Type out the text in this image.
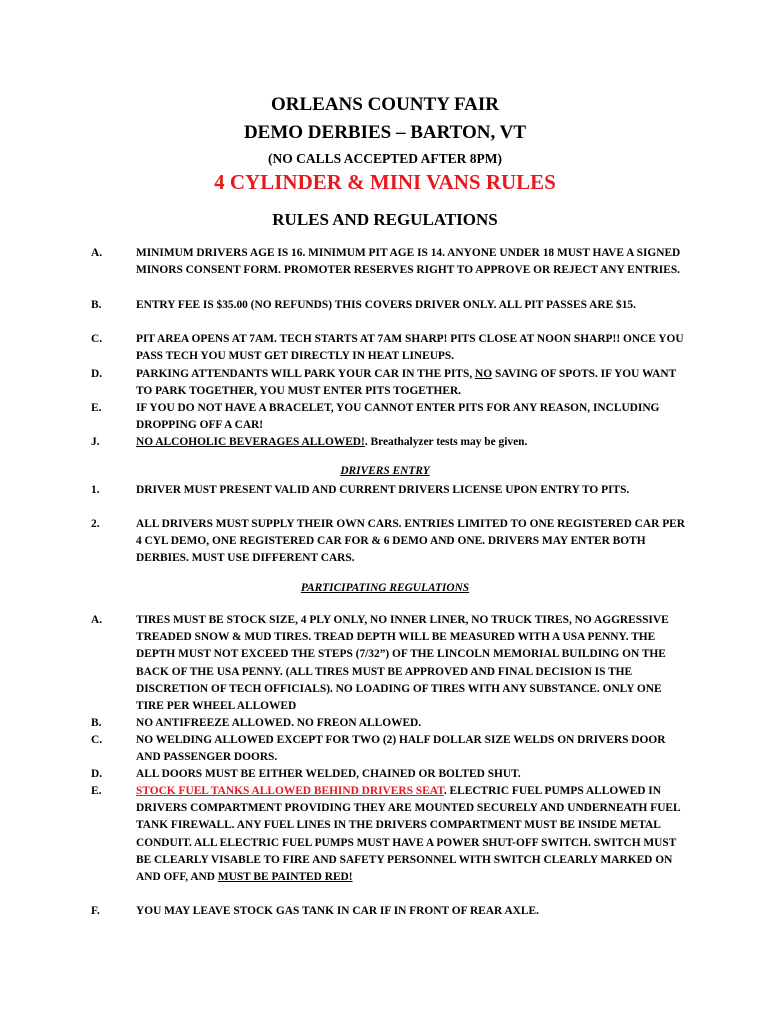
ORLEANS COUNTY FAIR
DEMO DERBIES – BARTON, VT
(NO CALLS ACCEPTED AFTER 8PM)
4 CYLINDER & MINI VANS RULES
RULES AND REGULATIONS
A.	MINIMUM DRIVERS AGE IS 16. MINIMUM PIT AGE IS 14. ANYONE UNDER 18 MUST HAVE A SIGNED MINORS CONSENT FORM. PROMOTER RESERVES RIGHT TO APPROVE OR REJECT ANY ENTRIES.
B.	ENTRY FEE IS $35.00 (NO REFUNDS) THIS COVERS DRIVER ONLY. ALL PIT PASSES ARE $15.
C.	PIT AREA OPENS AT 7AM. TECH STARTS AT 7AM SHARP! PITS CLOSE AT NOON SHARP!! ONCE YOU PASS TECH YOU MUST GET DIRECTLY IN HEAT LINEUPS.
D.	PARKING ATTENDANTS WILL PARK YOUR CAR IN THE PITS, NO SAVING OF SPOTS. IF YOU WANT TO PARK TOGETHER, YOU MUST ENTER PITS TOGETHER.
E.	IF YOU DO NOT HAVE A BRACELET, YOU CANNOT ENTER PITS FOR ANY REASON, INCLUDING DROPPING OFF A CAR!
J.	NO ALCOHOLIC BEVERAGES ALLOWED!. Breathalyzer tests may be given.
DRIVERS ENTRY
1.	DRIVER MUST PRESENT VALID AND CURRENT DRIVERS LICENSE UPON ENTRY TO PITS.
2.	ALL DRIVERS MUST SUPPLY THEIR OWN CARS. ENTRIES LIMITED TO ONE REGISTERED CAR PER 4 CYL DEMO, ONE REGISTERED CAR FOR & 6 DEMO AND ONE. DRIVERS MAY ENTER BOTH DERBIES. MUST USE DIFFERENT CARS.
PARTICIPATING REGULATIONS
A.	TIRES MUST BE STOCK SIZE, 4 PLY ONLY, NO INNER LINER, NO TRUCK TIRES, NO AGGRESSIVE TREADED SNOW & MUD TIRES. TREAD DEPTH WILL BE MEASURED WITH A USA PENNY. THE DEPTH MUST NOT EXCEED THE STEPS (7/32”) OF THE LINCOLN MEMORIAL BUILDING ON THE BACK OF THE USA PENNY. (ALL TIRES MUST BE APPROVED AND FINAL DECISION IS THE DISCRETION OF TECH OFFICIALS). NO LOADING OF TIRES WITH ANY SUBSTANCE. ONLY ONE TIRE PER WHEEL ALLOWED
B.	NO ANTIFREEZE ALLOWED. NO FREON ALLOWED.
C.	NO WELDING ALLOWED EXCEPT FOR TWO (2) HALF DOLLAR SIZE WELDS ON DRIVERS DOOR AND PASSENGER DOORS.
D.	ALL DOORS MUST BE EITHER WELDED, CHAINED OR BOLTED SHUT.
E.	STOCK FUEL TANKS ALLOWED BEHIND DRIVERS SEAT. ELECTRIC FUEL PUMPS ALLOWED IN DRIVERS COMPARTMENT PROVIDING THEY ARE MOUNTED SECURELY AND UNDERNEATH FUEL TANK FIREWALL. ANY FUEL LINES IN THE DRIVERS COMPARTMENT MUST BE INSIDE METAL CONDUIT. ALL ELECTRIC FUEL PUMPS MUST HAVE A POWER SHUT-OFF SWITCH. SWITCH MUST BE CLEARLY VISABLE TO FIRE AND SAFETY PERSONNEL WITH SWITCH CLEARLY MARKED ON AND OFF, AND MUST BE PAINTED RED!
F.	YOU MAY LEAVE STOCK GAS TANK IN CAR IF IN FRONT OF REAR AXLE.
